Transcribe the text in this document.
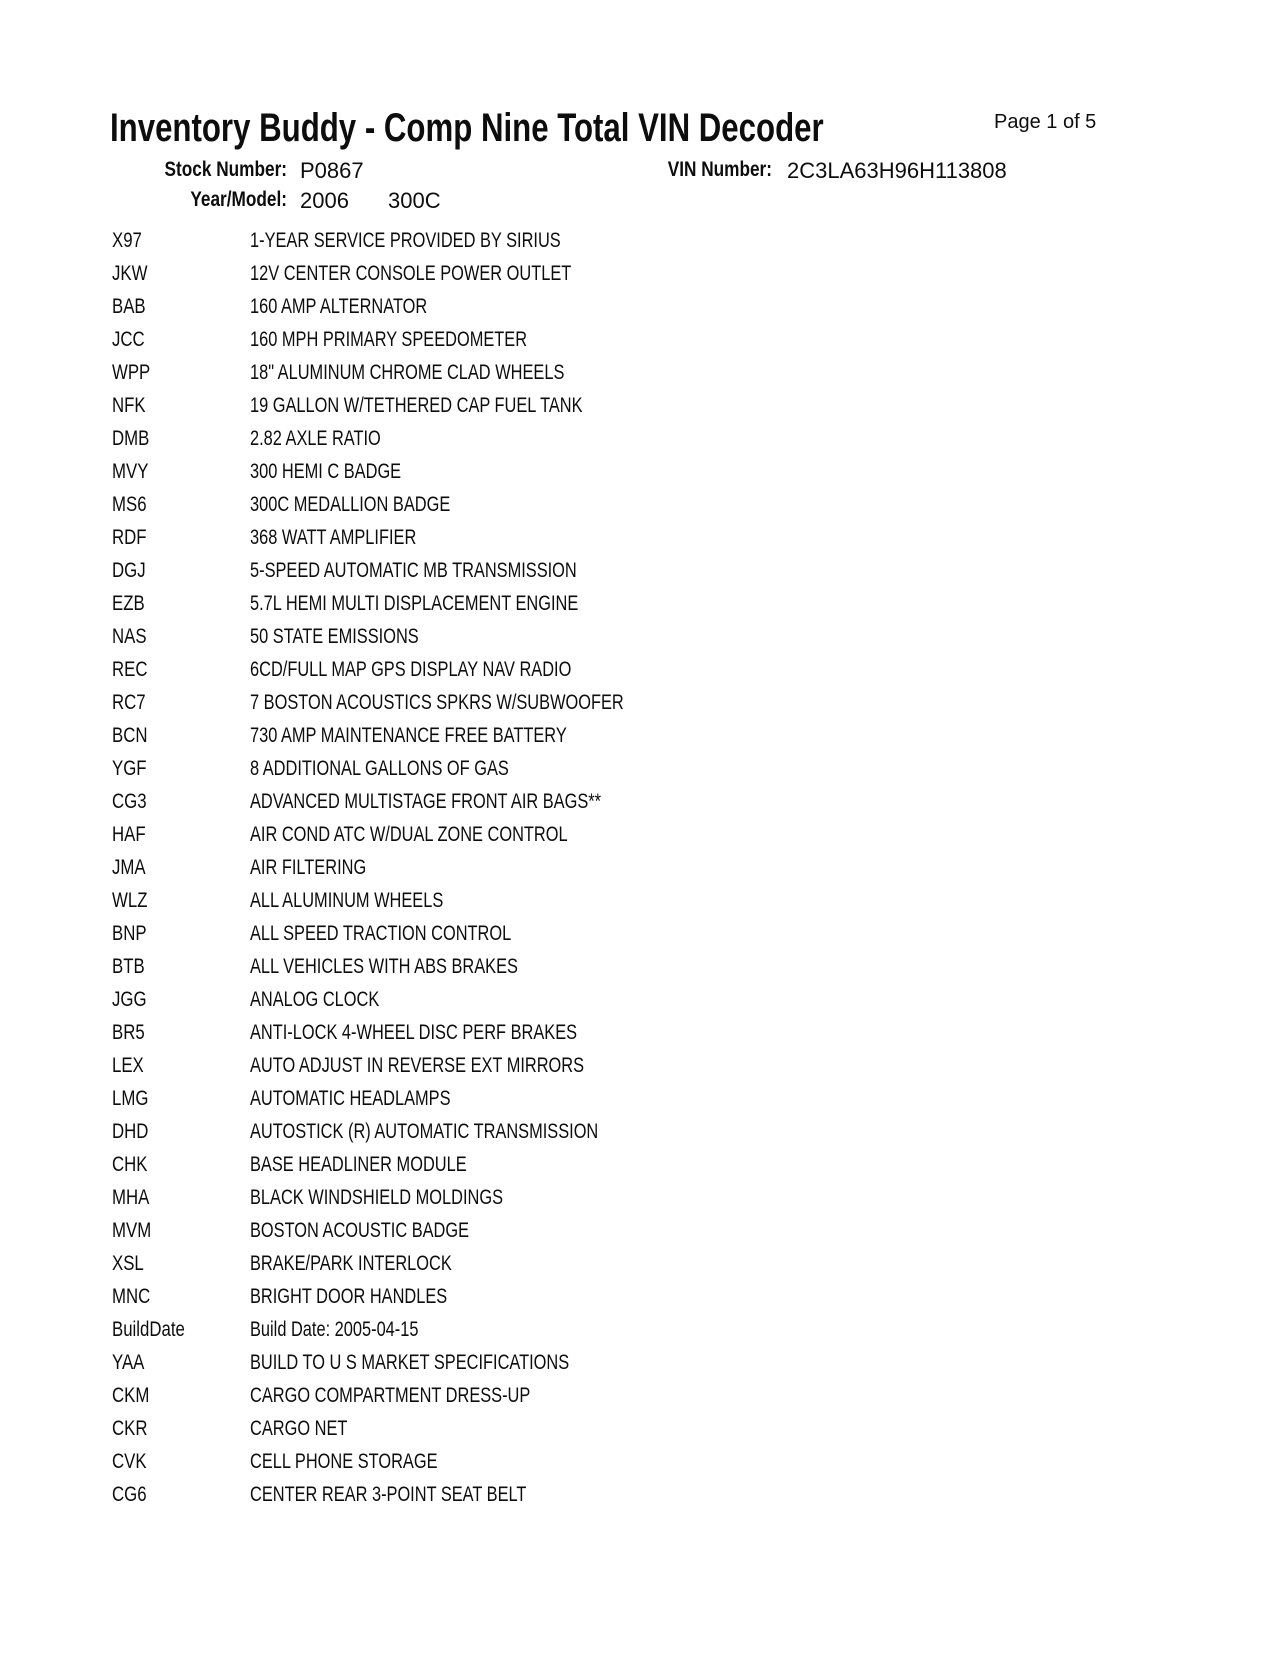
Inventory Buddy - Comp Nine Total VIN Decoder	Page 1 of 5
Stock Number: P0867	VIN Number: 2C3LA63H96H113808
Year/Model: 2006 300C
X97	1-YEAR SERVICE PROVIDED BY SIRIUS
JKW	12V CENTER CONSOLE POWER OUTLET
BAB	160 AMP ALTERNATOR
JCC	160 MPH PRIMARY SPEEDOMETER
WPP	18" ALUMINUM CHROME CLAD WHEELS
NFK	19 GALLON W/TETHERED CAP FUEL TANK
DMB	2.82 AXLE RATIO
MVY	300 HEMI C BADGE
MS6	300C MEDALLION BADGE
RDF	368 WATT AMPLIFIER
DGJ	5-SPEED AUTOMATIC MB TRANSMISSION
EZB	5.7L HEMI MULTI DISPLACEMENT ENGINE
NAS	50 STATE EMISSIONS
REC	6CD/FULL MAP GPS DISPLAY NAV RADIO
RC7	7 BOSTON ACOUSTICS SPKRS W/SUBWOOFER
BCN	730 AMP MAINTENANCE FREE BATTERY
YGF	8 ADDITIONAL GALLONS OF GAS
CG3	ADVANCED MULTISTAGE FRONT AIR BAGS**
HAF	AIR COND ATC W/DUAL ZONE CONTROL
JMA	AIR FILTERING
WLZ	ALL ALUMINUM WHEELS
BNP	ALL SPEED TRACTION CONTROL
BTB	ALL VEHICLES WITH ABS BRAKES
JGG	ANALOG CLOCK
BR5	ANTI-LOCK 4-WHEEL DISC PERF BRAKES
LEX	AUTO ADJUST IN REVERSE EXT MIRRORS
LMG	AUTOMATIC HEADLAMPS
DHD	AUTOSTICK (R) AUTOMATIC TRANSMISSION
CHK	BASE HEADLINER MODULE
MHA	BLACK WINDSHIELD MOLDINGS
MVM	BOSTON ACOUSTIC BADGE
XSL	BRAKE/PARK INTERLOCK
MNC	BRIGHT DOOR HANDLES
BuildDate	Build Date: 2005-04-15
YAA	BUILD TO U S MARKET SPECIFICATIONS
CKM	CARGO COMPARTMENT DRESS-UP
CKR	CARGO NET
CVK	CELL PHONE STORAGE
CG6	CENTER REAR 3-POINT SEAT BELT
